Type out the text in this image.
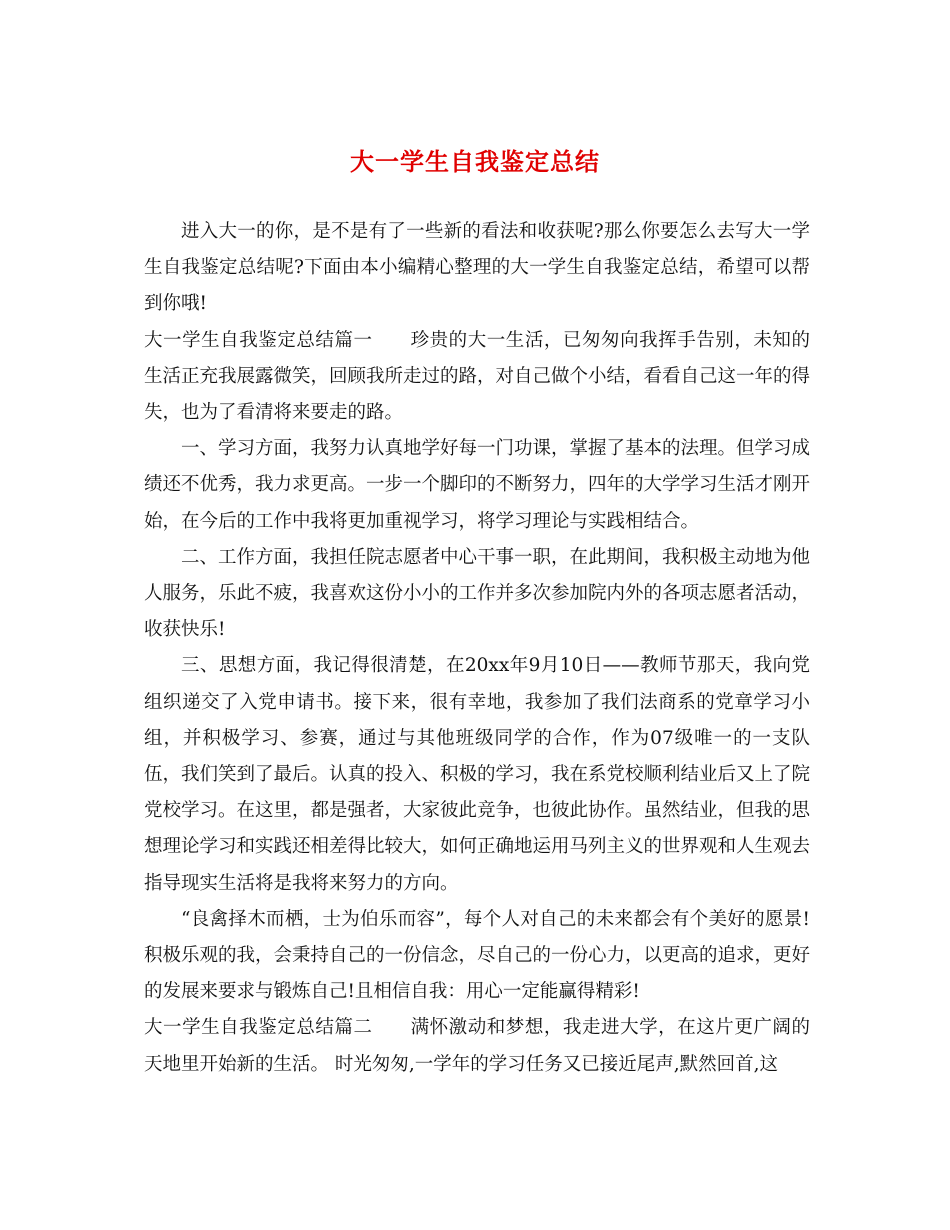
大一学生自我鉴定总结

进入大一的你，是不是有了一些新的看法和收获呢?那么你要怎么去写大一学生自我鉴定总结呢?下面由本小编精心整理的大一学生自我鉴定总结，希望可以帮到你哦!

大一学生自我鉴定总结篇一 珍贵的大一生活，已匆匆向我挥手告别，未知的生活正充我展露微笑，回顾我所走过的路，对自己做个小结，看看自己这一年的得失，也为了看清将来要走的路。

一、学习方面，我努力认真地学好每一门功课，掌握了基本的法理。但学习成绩还不优秀，我力求更高。一步一个脚印的不断努力，四年的大学学习生活才刚开始，在今后的工作中我将更加重视学习，将学习理论与实践相结合。

二、工作方面，我担任院志愿者中心干事一职，在此期间，我积极主动地为他人服务，乐此不疲，我喜欢这份小小的工作并多次参加院内外的各项志愿者活动，收获快乐!

三、思想方面，我记得很清楚，在20xx年9月10日——教师节那天，我向党组织递交了入党申请书。接下来，很有幸地，我参加了我们法商系的党章学习小组，并积极学习、参赛，通过与其他班级同学的合作，作为07级唯一的一支队伍，我们笑到了最后。认真的投入、积极的学习，我在系党校顺利结业后又上了院党校学习。在这里，都是强者，大家彼此竞争，也彼此协作。虽然结业，但我的思想理论学习和实践还相差得比较大，如何正确地运用马列主义的世界观和人生观去指导现实生活将是我将来努力的方向。

“良禽择木而栖，士为伯乐而容”，每个人对自己的未来都会有个美好的愿景!积极乐观的我，会秉持自己的一份信念，尽自己的一份心力，以更高的追求，更好的发展来要求与锻炼自己!且相信自我：用心一定能赢得精彩!

大一学生自我鉴定总结篇二 满怀激动和梦想，我走进大学，在这片更广阔的天地里开始新的生活。 时光匆匆,一学年的学习任务又已接近尾声,默然回首,这
